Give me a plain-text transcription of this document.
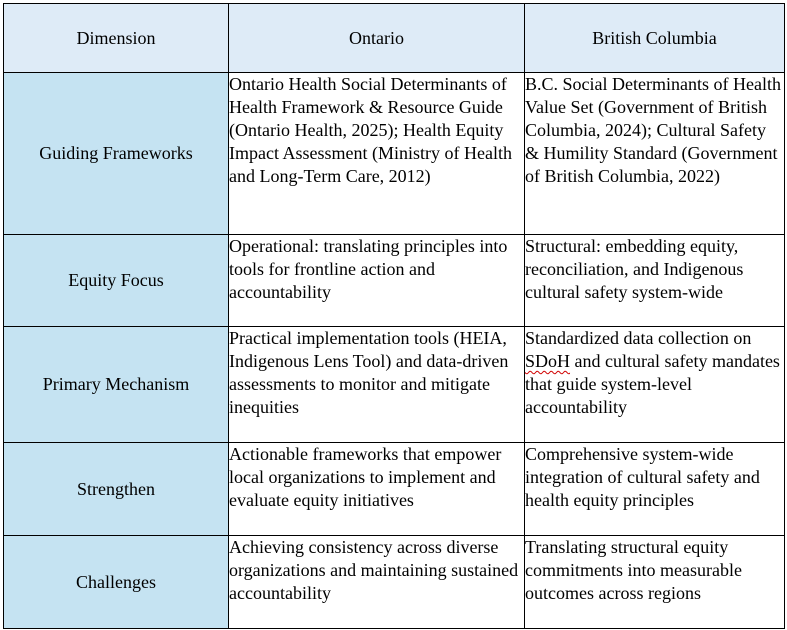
Dimension	Ontario	British Columbia
Guiding Frameworks	Ontario Health Social Determinants of Health Framework & Resource Guide (Ontario Health, 2025); Health Equity Impact Assessment (Ministry of Health and Long-Term Care, 2012)	B.C. Social Determinants of Health Value Set (Government of British Columbia, 2024); Cultural Safety & Humility Standard (Government of British Columbia, 2022)
Equity Focus	Operational: translating principles into tools for frontline action and accountability	Structural: embedding equity, reconciliation, and Indigenous cultural safety system-wide
Primary Mechanism	Practical implementation tools (HEIA, Indigenous Lens Tool) and data-driven assessments to monitor and mitigate inequities	Standardized data collection on SDoH and cultural safety mandates that guide system-level accountability
Strengthen	Actionable frameworks that empower local organizations to implement and evaluate equity initiatives	Comprehensive system-wide integration of cultural safety and health equity principles
Challenges	Achieving consistency across diverse organizations and maintaining sustained accountability	Translating structural equity commitments into measurable outcomes across regions
